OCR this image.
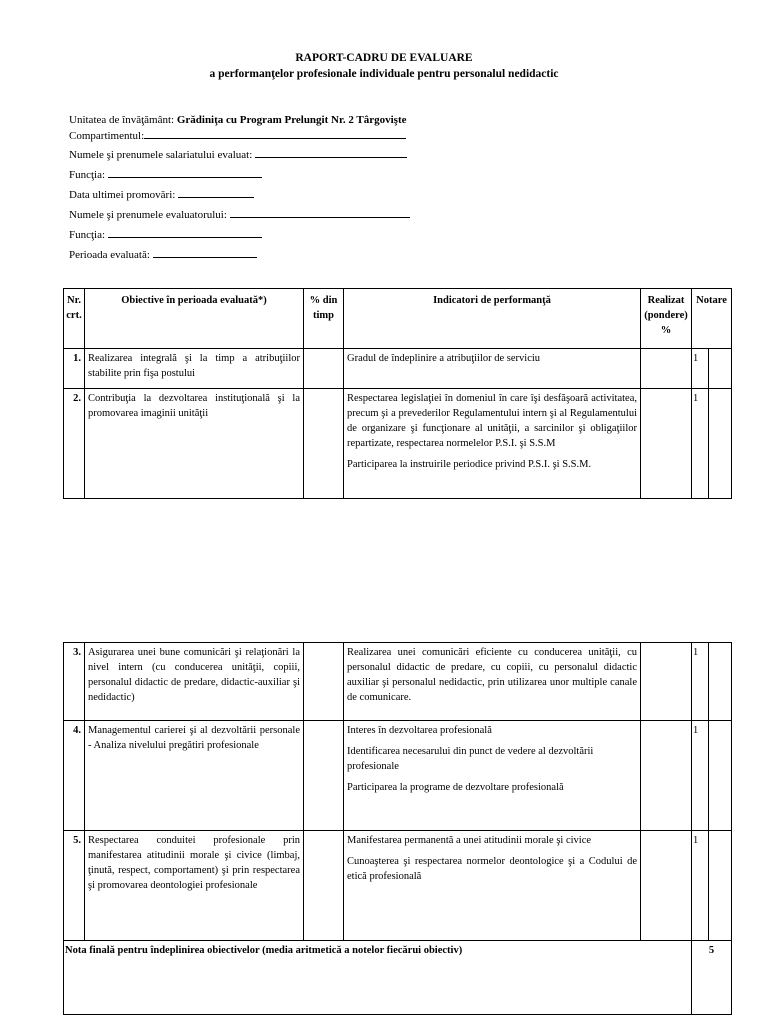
RAPORT-CADRU DE EVALUARE
a performanţelor profesionale individuale pentru personalul nedidactic
Unitatea de învăţământ: Grădiniţa cu Program Prelungit Nr. 2 Târgovişte
Compartimentul:
Numele şi prenumele salariatului evaluat:
Funcţia:
Data ultimei promovări:
Numele şi prenumele evaluatorului:
Funcţia:
Perioada evaluată:
Nr. crt.	Obiective în perioada evaluată*)	% din timp	Indicatori de performanţă	Realizat (pondere) %	Notare	
1.	Realizarea integrală şi la timp a atribuţiilor stabilite prin fişa postului		Gradul de îndeplinire a atribuţiilor de serviciu		1	
2.	Contribuţia la dezvoltarea instituţională şi la promovarea imaginii unităţii		Respectarea legislaţiei în domeniul în care îşi desfăşoară activitatea, precum şi a prevederilor Regulamentului intern şi al Regulamentului de organizare şi funcţionare al unităţii, a sarcinilor şi obligaţiilor repartizate, respectarea normelelor P.S.I. şi S.S.M

Participarea la instruirile periodice privind P.S.I. şi S.S.M.		1	
3.	Asigurarea unei bune comunicări şi relaţionări la nivel intern (cu conducerea unităţii, copiii, personalul didactic de predare, didactic-auxiliar şi nedidactic)		Realizarea unei comunicări eficiente cu conducerea unităţii, cu personalul didactic de predare, cu copiii, cu personalul didactic auxiliar şi personalul nedidactic, prin utilizarea unor multiple canale de comunicare.		1	
4.	Managementul carierei şi al dezvoltării personale - Analiza nivelului pregătiri profesionale		Interes în dezvoltarea profesională

Identificarea necesarului din punct de vedere al dezvoltării profesionale

Participarea la programe de dezvoltare profesională		1	
5.	Respectarea conduitei profesionale prin manifestarea atitudinii morale şi civice (limbaj, ţinută, respect, comportament) şi prin respectarea şi promovarea deontologiei profesionale		Manifestarea permanentă a unei atitudinii morale şi civice

Cunoaşterea şi respectarea normelor deontologice şi a Codului de etică profesională		1	
Nota finală pentru îndeplinirea obiectivelor (media aritmetică a notelor fiecărui obiectiv)					5	
